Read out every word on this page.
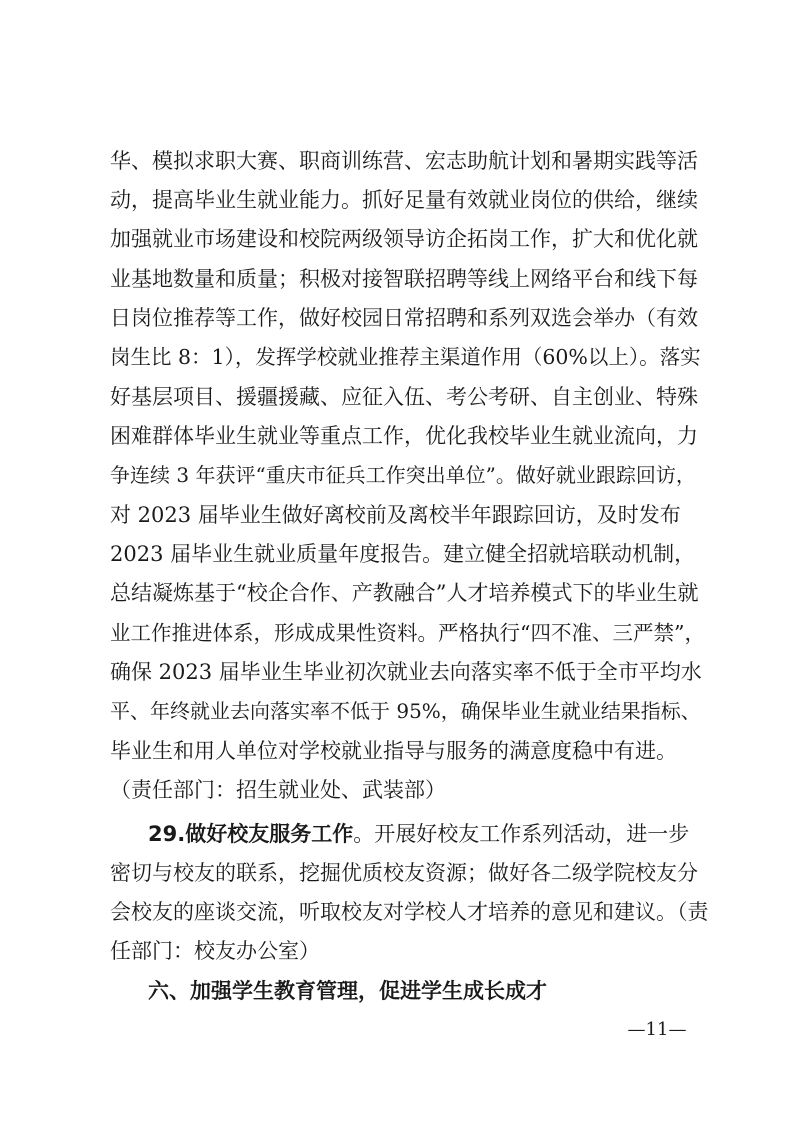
华、模拟求职大赛、职商训练营、宏志助航计划和暑期实践等活
动，提高毕业生就业能力。抓好足量有效就业岗位的供给，继续
加强就业市场建设和校院两级领导访企拓岗工作，扩大和优化就
业基地数量和质量；积极对接智联招聘等线上网络平台和线下每
日岗位推荐等工作，做好校园日常招聘和系列双选会举办（有效
岗生比 8：1），发挥学校就业推荐主渠道作用（60%以上）。落实
好基层项目、援疆援藏、应征入伍、考公考研、自主创业、特殊
困难群体毕业生就业等重点工作，优化我校毕业生就业流向，力
争连续 3 年获评“重庆市征兵工作突出单位”。做好就业跟踪回访，
对 2023 届毕业生做好离校前及离校半年跟踪回访，及时发布
2023 届毕业生就业质量年度报告。建立健全招就培联动机制，
总结凝炼基于“校企合作、产教融合”人才培养模式下的毕业生就
业工作推进体系，形成成果性资料。严格执行“四不准、三严禁”，
确保 2023 届毕业生毕业初次就业去向落实率不低于全市平均水
平、年终就业去向落实率不低于 95%，确保毕业生就业结果指标、
毕业生和用人单位对学校就业指导与服务的满意度稳中有进。
（责任部门：招生就业处、武装部）
29.做好校友服务工作。开展好校友工作系列活动，进一步
密切与校友的联系，挖掘优质校友资源；做好各二级学院校友分
会校友的座谈交流，听取校友对学校人才培养的意见和建议。（责
任部门：校友办公室）
六、加强学生教育管理，促进学生成长成才
—11—
